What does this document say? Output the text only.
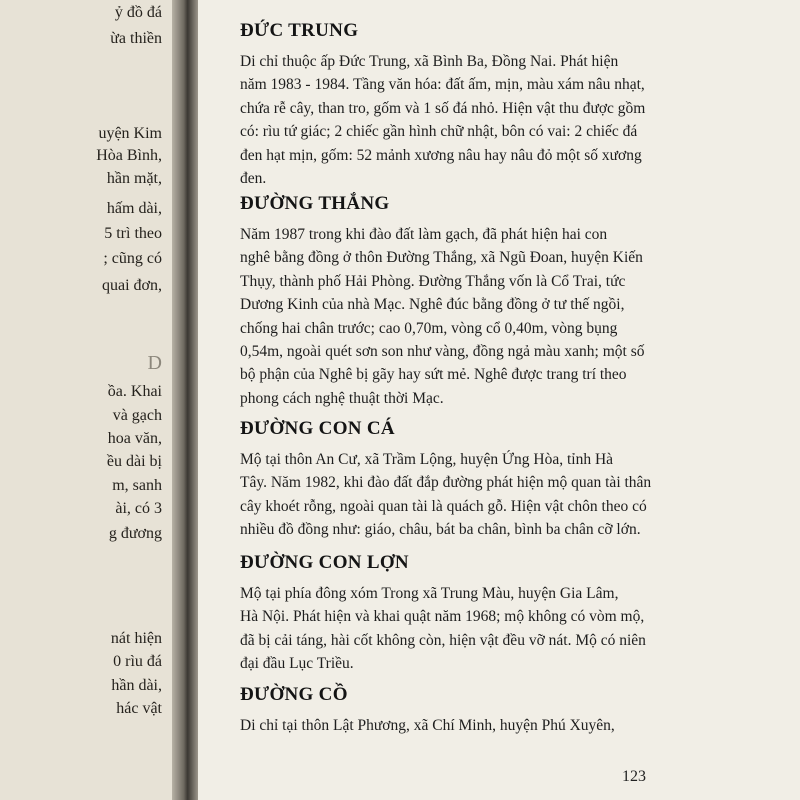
ỷ đồ đá
ừa thiền
uyện Kim
Hòa Bình,
hần mặt,
hấm dài,
5 trì theo
; cũng có
quai đơn,
D
ồa. Khai
và gạch
hoa văn,
ều dài bị
m, sanh
ài, có 3
g đương
nát hiện
0 rìu đá
hần dài,
hác vật
ĐỨC TRUNG

Di chỉ thuộc ấp Đức Trung, xã Bình Ba, Đồng Nai. Phát hiện

năm 1983 - 1984. Tầng văn hóa: đất ấm, mịn, màu xám nâu nhạt,

chứa rễ cây, than tro, gốm và 1 số đá nhỏ. Hiện vật thu được gồm

có: rìu tứ giác; 2 chiếc gần hình chữ nhật, bôn có vai: 2 chiếc đá

đen hạt mịn, gốm: 52 mảnh xương nâu hay nâu đỏ một số xương

đen.

ĐƯỜNG THẮNG

Năm 1987 trong khi đào đất làm gạch, đã phát hiện hai con

nghê bằng đồng ở thôn Đường Thắng, xã Ngũ Đoan, huyện Kiến

Thụy, thành phố Hải Phòng. Đường Thắng vốn là Cổ Trai, tức

Dương Kinh của nhà Mạc. Nghê đúc bằng đồng ở tư thế ngồi,

chống hai chân trước; cao 0,70m, vòng cổ 0,40m, vòng bụng

0,54m, ngoài quét sơn son như vàng, đồng ngả màu xanh; một số

bộ phận của Nghê bị gãy hay sứt mẻ. Nghê được trang trí theo

phong cách nghệ thuật thời Mạc.

ĐƯỜNG CON CÁ

Mộ tại thôn An Cư, xã Trầm Lộng, huyện Ứng Hòa, tỉnh Hà

Tây. Năm 1982, khi đào đất đắp đường phát hiện mộ quan tài thân

cây khoét rỗng, ngoài quan tài là quách gỗ. Hiện vật chôn theo có

nhiều đồ đồng như: giáo, châu, bát ba chân, bình ba chân cỡ lớn.

ĐƯỜNG CON LỢN

Mộ tại phía đông xóm Trong xã Trung Màu, huyện Gia Lâm,

Hà Nội. Phát hiện và khai quật năm 1968; mộ không có vòm mộ,

đã bị cải táng, hài cốt không còn, hiện vật đều vỡ nát. Mộ có niên

đại đầu Lục Triều.

ĐƯỜNG CỒ

Di chỉ tại thôn Lật Phương, xã Chí Minh, huyện Phú Xuyên,

123
